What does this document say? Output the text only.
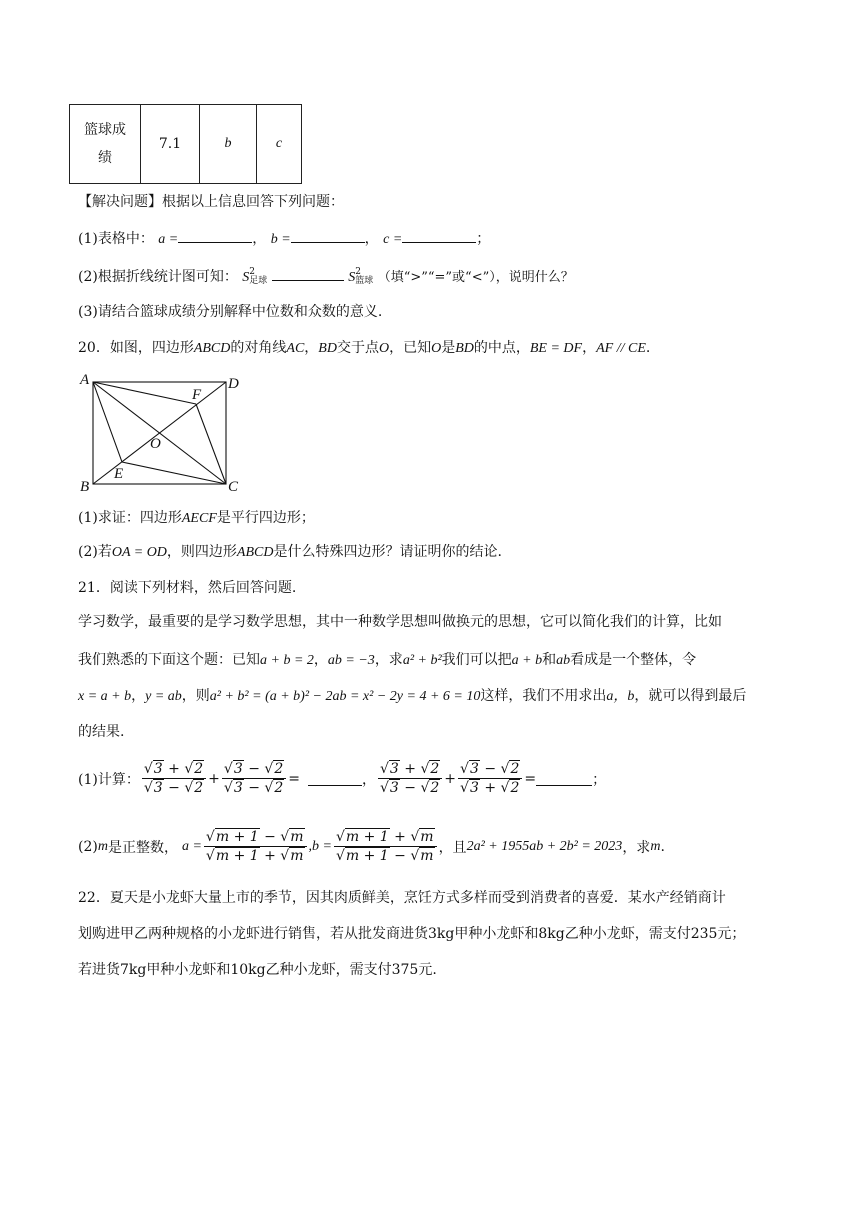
篮球成绩	7.1	b	c
【解决问题】根据以上信息回答下列问题：
(1)表格中： a =	， b =	， c =	；
(2)根据折线统计图可知： S 2
足球	S 2
篮球 （填“>”“=”或“<”），说明什么？
(3)请结合篮球成绩分别解释中位数和众数的意义.
20．如图，四边形ABCD的对角线AC，BD交于点O，已知O是BD的中点，BE = DF，AF // CE.
A	D
B	C
F
E
O
(1)求证：四边形AECF是平行四边形；
(2)若OA = OD，则四边形ABCD是什么特殊四边形？请证明你的结论.
21．阅读下列材料，然后回答问题.
学习数学，最重要的是学习数学思想，其中一种数学思想叫做换元的思想，它可以简化我们的计算，比如
我们熟悉的下面这个题：已知a + b = 2，ab = −3，求a² + b²我们可以把a + b和ab看成是一个整体，令
x = a + b，y = ab，则a² + b² = (a + b)² − 2ab = x² − 2y = 4 + 6 = 10这样，我们不用求出a，b，就可以得到最后
的结果.
(1)计算： $\frac{√3 + √2}{√3 - √2} + \frac{√3 - √2}{√3 - √2}$ =	， $\frac{√3 + √2}{√3 - √2} + \frac{√3 - √2}{√3 + √2}$ =	；
(2) m 是正整数， $a = \frac{√m + 1 - √m}{√m + 1 + √m} ,b = \frac{√m + 1 + √m}{√m + 1 - √m}$ ，且 2a² + 1955ab + 2b² = 2023 ，求 m .
22．夏天是小龙虾大量上市的季节，因其肉质鲜美，烹饪方式多样而受到消费者的喜爱．某水产经销商计
划购进甲乙两种规格的小龙虾进行销售，若从批发商进货3kg甲种小龙虾和8kg乙种小龙虾，需支付235元；
若进货7kg甲种小龙虾和10kg乙种小龙虾，需支付375元.
